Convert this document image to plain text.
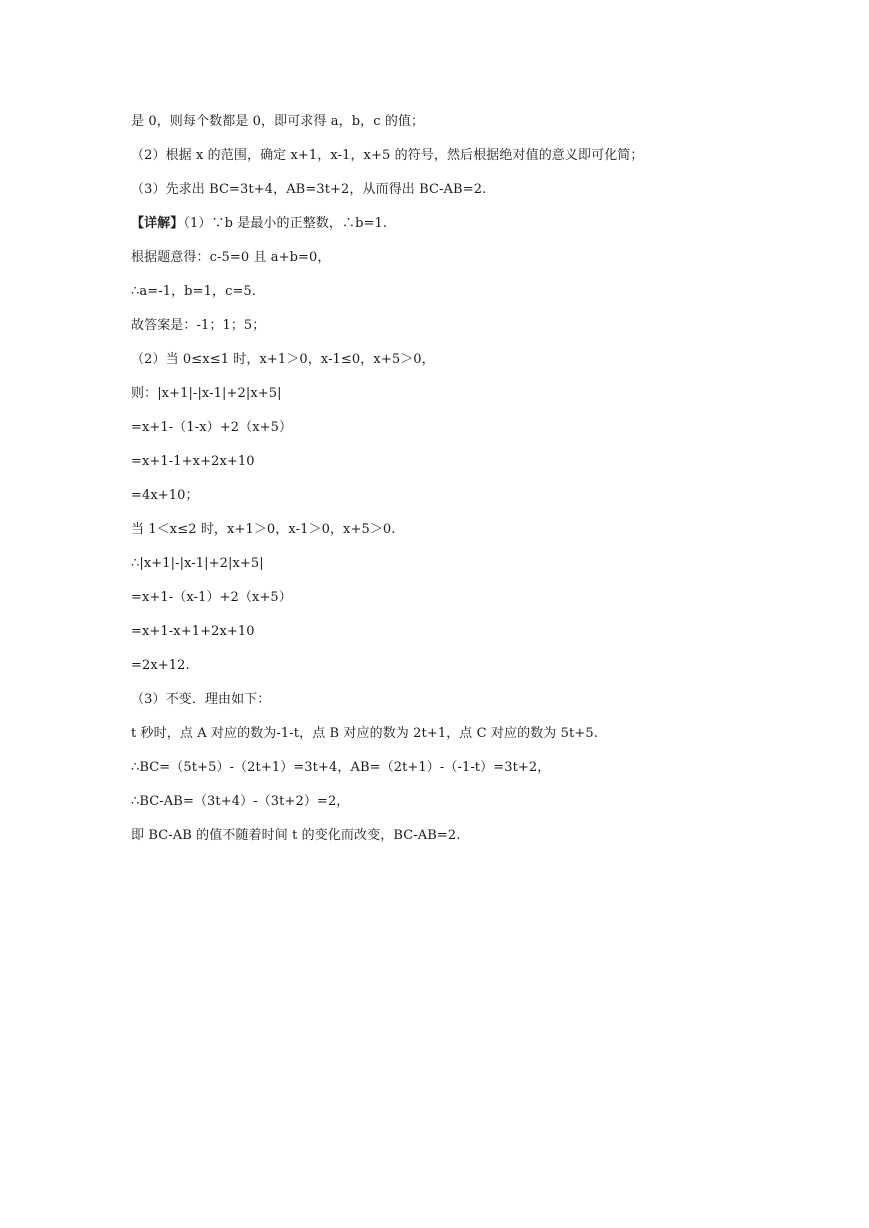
是 0，则每个数都是 0，即可求得 a，b，c 的值；
（2）根据 x 的范围，确定 x+1，x-1，x+5 的符号，然后根据绝对值的意义即可化简；
（3）先求出 BC=3t+4，AB=3t+2，从而得出 BC-AB=2.
【详解】（1）∵b 是最小的正整数，∴b=1.
根据题意得：c-5=0 且 a+b=0，
∴a=-1，b=1，c=5.
故答案是：-1；1；5；
（2）当 0≤x≤1 时，x+1＞0，x-1≤0，x+5＞0，
则：|x+1|-|x-1|+2|x+5|
=x+1-（1-x）+2（x+5）
=x+1-1+x+2x+10
=4x+10；
当 1＜x≤2 时，x+1＞0，x-1＞0，x+5＞0.
∴|x+1|-|x-1|+2|x+5|
=x+1-（x-1）+2（x+5）
=x+1-x+1+2x+10
=2x+12.
（3）不变．理由如下：
t 秒时，点 A 对应的数为-1-t，点 B 对应的数为 2t+1，点 C 对应的数为 5t+5.
∴BC=（5t+5）-（2t+1）=3t+4，AB=（2t+1）-（-1-t）=3t+2，
∴BC-AB=（3t+4）-（3t+2）=2，
即 BC-AB 的值不随着时间 t 的变化而改变，BC-AB=2.
